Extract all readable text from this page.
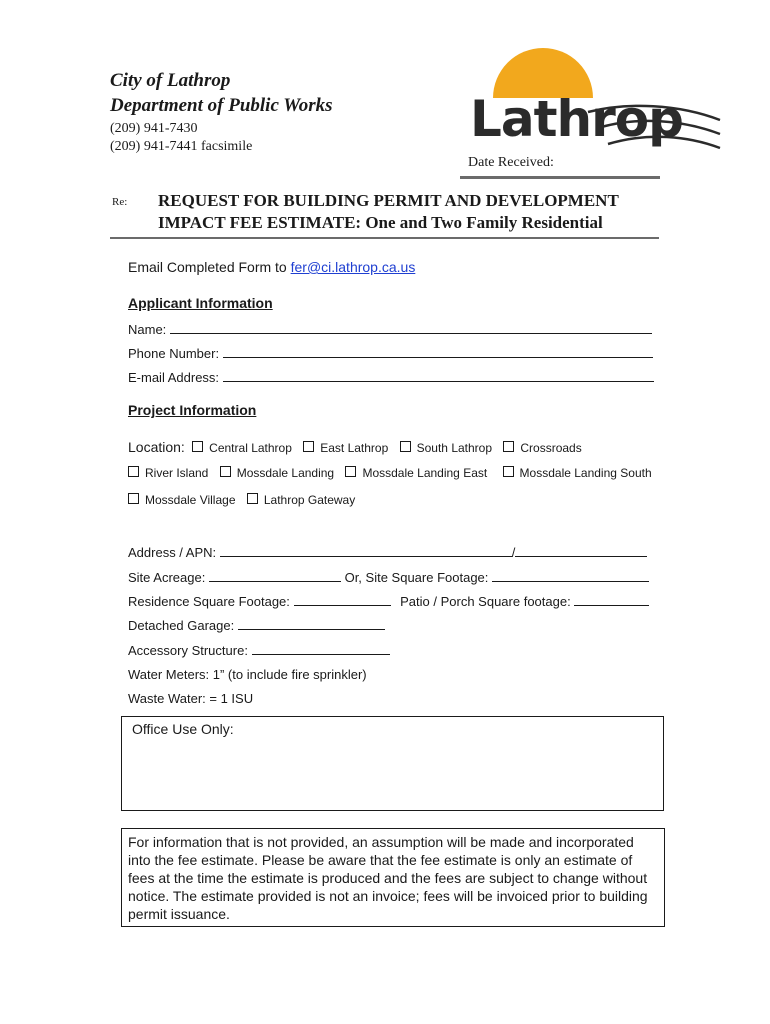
City of Lathrop
Department of Public Works
(209) 941-7430
(209) 941-7441 facsimile	Lathrop
Date Received:
Re: REQUEST FOR BUILDING PERMIT AND DEVELOPMENT
IMPACT FEE ESTIMATE: One and Two Family Residential
Email Completed Form to fer@ci.lathrop.ca.us
Applicant Information
Name:
Phone Number:
E-mail Address:
Project Information
Location: Central Lathrop East Lathrop South Lathrop Crossroads
River Island Mossdale Landing Mossdale Landing East	Mossdale Landing South
Mossdale Village Lathrop Gateway
Address / APN:	/
Site Acreage:	Or, Site Square Footage:
Residence Square Footage:	Patio / Porch Square footage:
Detached Garage:
Accessory Structure:
Water Meters: 1” (to include fire sprinkler)
Waste Water: = 1 ISU
Office Use Only:
For information that is not provided, an assumption will be made and incorporated into the fee estimate. Please be aware that the fee estimate is only an estimate of fees at the time the estimate is produced and the fees are subject to change without notice. The estimate provided is not an invoice; fees will be invoiced prior to building permit issuance.
